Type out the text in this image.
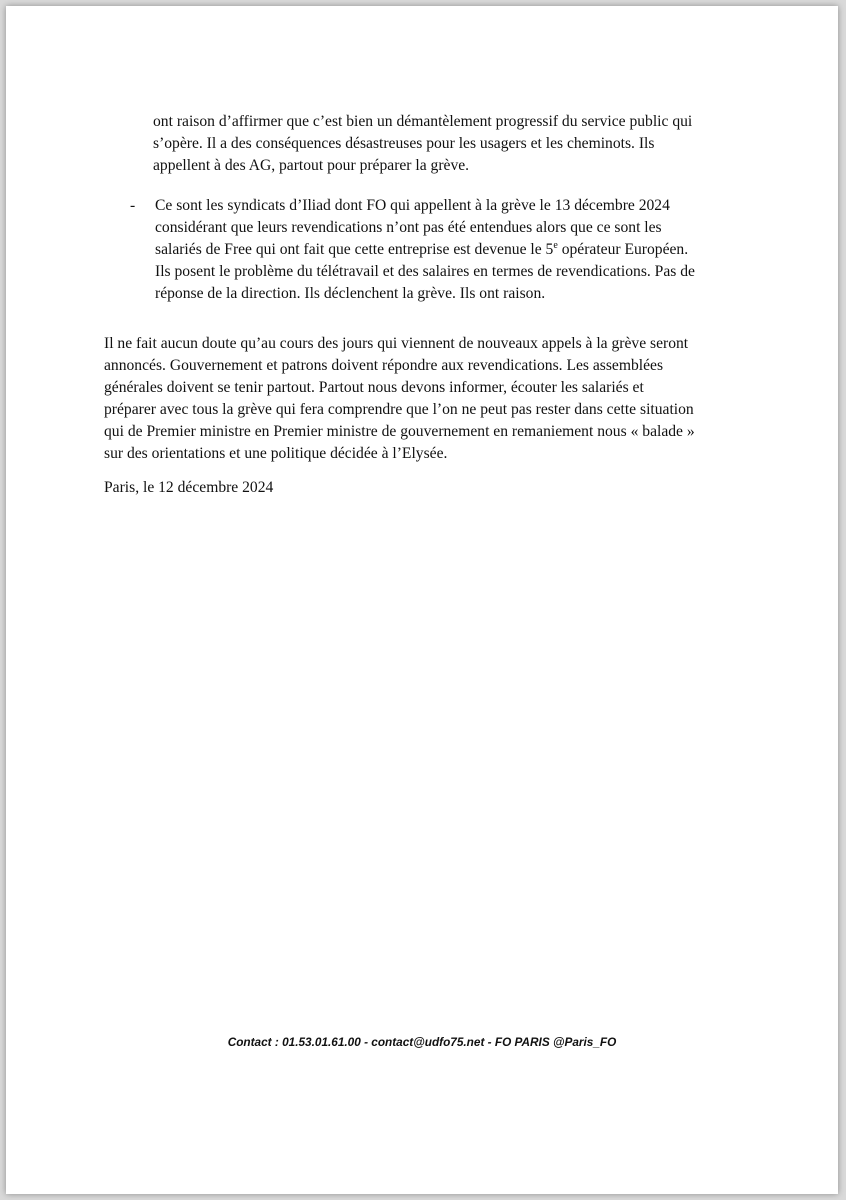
ont raison d’affirmer que c’est bien un démantèlement progressif du service public qui
s’opère. Il a des conséquences désastreuses pour les usagers et les cheminots. Ils
appellent à des AG, partout pour préparer la grève.

-	Ce sont les syndicats d’Iliad dont FO qui appellent à la grève le 13 décembre 2024
considérant que leurs revendications n’ont pas été entendues alors que ce sont les
salariés de Free qui ont fait que cette entreprise est devenue le 5e opérateur Européen.
Ils posent le problème du télétravail et des salaires en termes de revendications. Pas de
réponse de la direction. Ils déclenchent la grève. Ils ont raison.

Il ne fait aucun doute qu’au cours des jours qui viennent de nouveaux appels à la grève seront
annoncés. Gouvernement et patrons doivent répondre aux revendications. Les assemblées
générales doivent se tenir partout. Partout nous devons informer, écouter les salariés et
préparer avec tous la grève qui fera comprendre que l’on ne peut pas rester dans cette situation
qui de Premier ministre en Premier ministre de gouvernement en remaniement nous « balade »
sur des orientations et une politique décidée à l’Elysée.

Paris, le 12 décembre 2024

Contact : 01.53.01.61.00 - contact@udfo75.net - FO PARIS @Paris_FO
